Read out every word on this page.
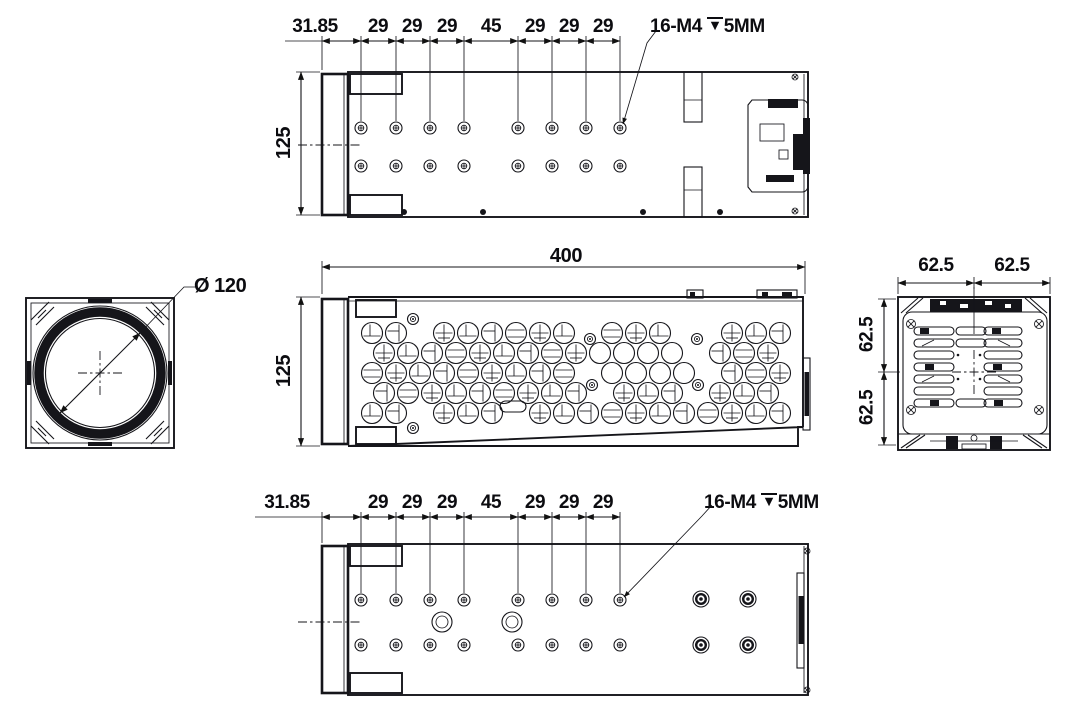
31.85 29 29 29 45 29 29 29 16-M4 ▼ 5MM
125
Ø 120
400
125
62.5 62.5
62.5
62.5
31.85	29 29 29 45 29 29 29	16-M4 ▼ 5MM
